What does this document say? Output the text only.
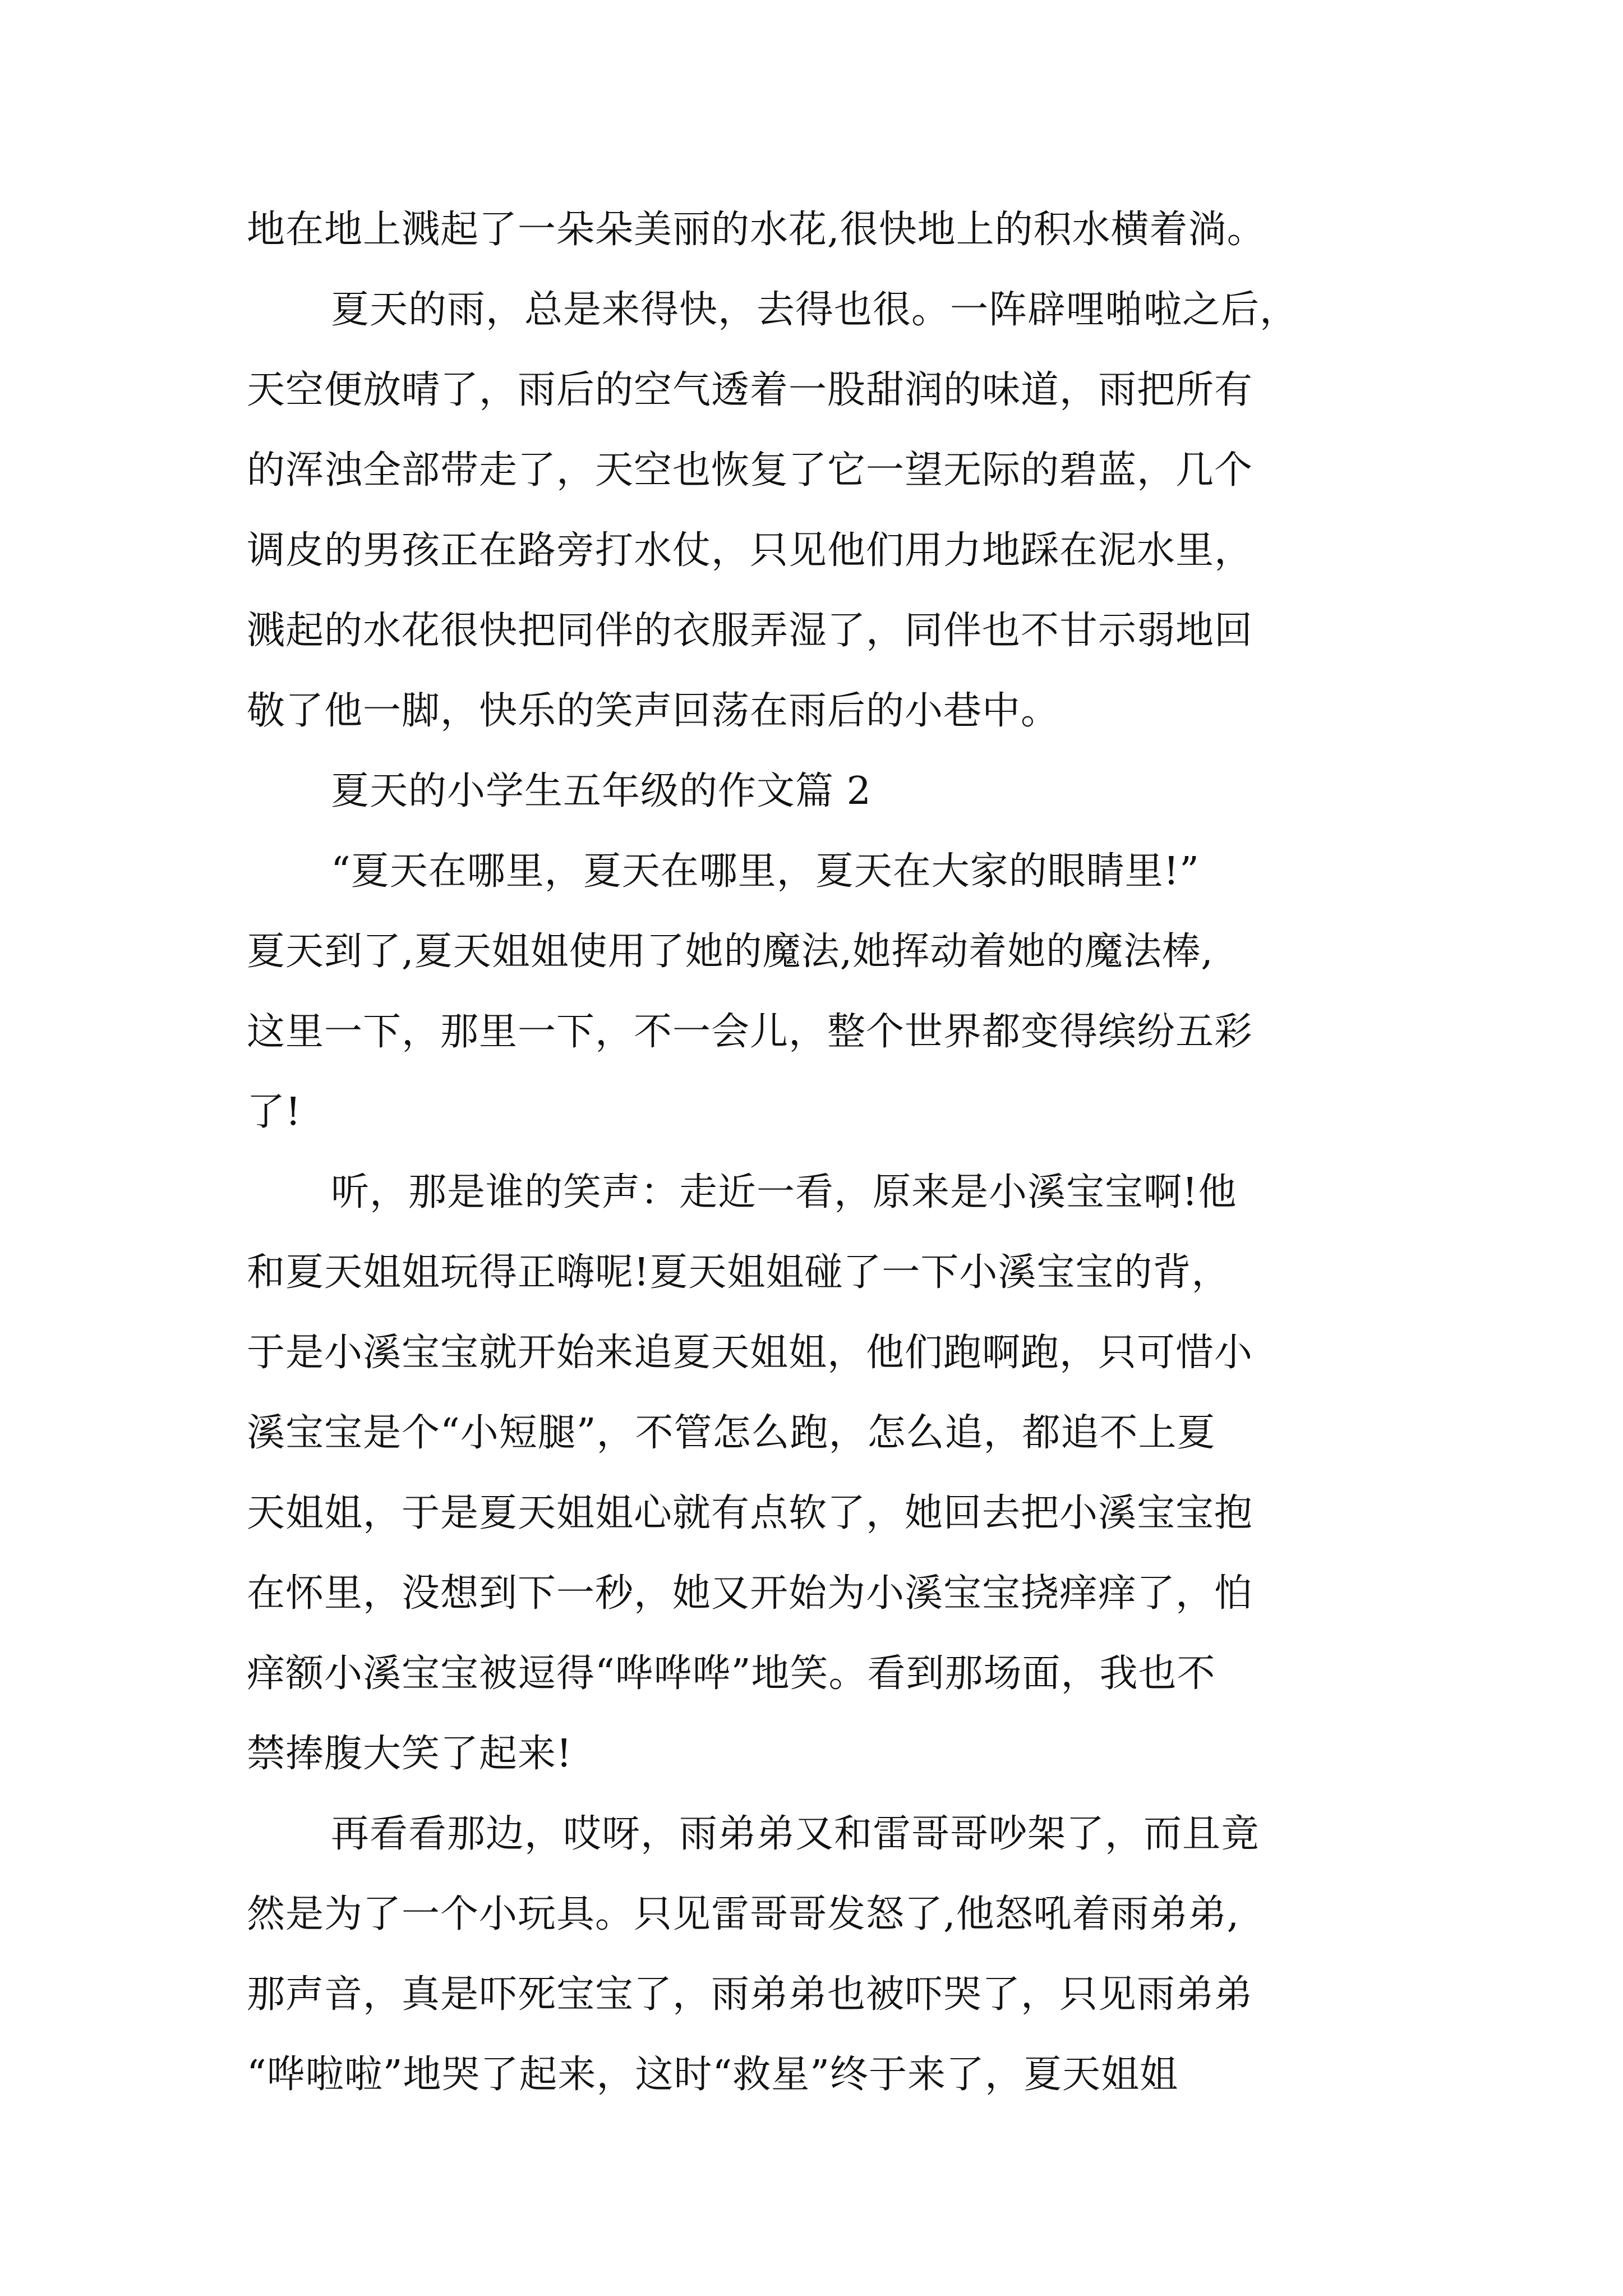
地在地上溅起了一朵朵美丽的水花,很快地上的积水横着淌。
夏天的雨，总是来得快，去得也很。一阵辟哩啪啦之后，
天空便放晴了，雨后的空气透着一股甜润的味道，雨把所有
的浑浊全部带走了，天空也恢复了它一望无际的碧蓝，几个
调皮的男孩正在路旁打水仗，只见他们用力地踩在泥水里，
溅起的水花很快把同伴的衣服弄湿了，同伴也不甘示弱地回
敬了他一脚，快乐的笑声回荡在雨后的小巷中。
夏天的小学生五年级的作文篇 2
“夏天在哪里，夏天在哪里，夏天在大家的眼睛里!”
夏天到了,夏天姐姐使用了她的魔法,她挥动着她的魔法棒,
这里一下，那里一下，不一会儿，整个世界都变得缤纷五彩
了!
听，那是谁的笑声：走近一看，原来是小溪宝宝啊!他
和夏天姐姐玩得正嗨呢!夏天姐姐碰了一下小溪宝宝的背，
于是小溪宝宝就开始来追夏天姐姐，他们跑啊跑，只可惜小
溪宝宝是个“小短腿”，不管怎么跑，怎么追，都追不上夏
天姐姐，于是夏天姐姐心就有点软了，她回去把小溪宝宝抱
在怀里，没想到下一秒，她又开始为小溪宝宝挠痒痒了，怕
痒额小溪宝宝被逗得“哗哗哗”地笑。看到那场面，我也不
禁捧腹大笑了起来!
再看看那边，哎呀，雨弟弟又和雷哥哥吵架了，而且竟
然是为了一个小玩具。只见雷哥哥发怒了,他怒吼着雨弟弟,
那声音，真是吓死宝宝了，雨弟弟也被吓哭了，只见雨弟弟
“哗啦啦”地哭了起来，这时“救星”终于来了，夏天姐姐
